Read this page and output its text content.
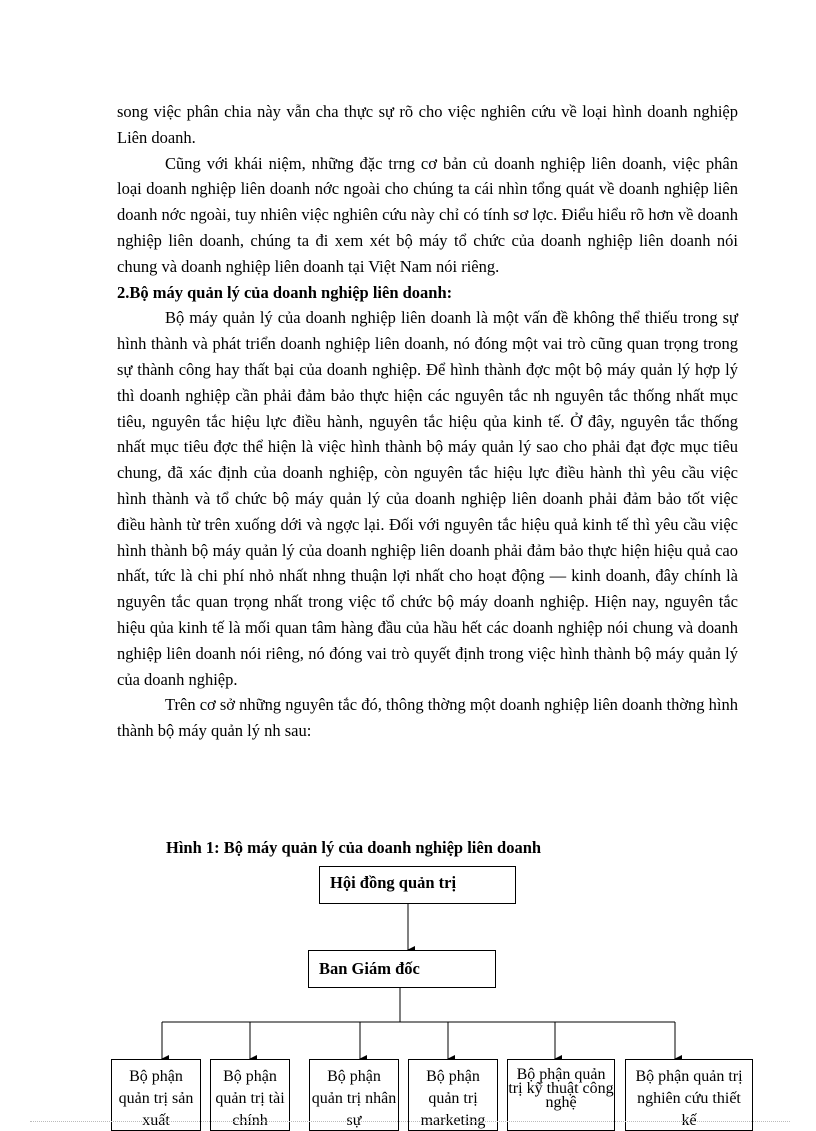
song việc phân chia này vẫn cha thực sự rõ cho việc nghiên cứu về loại hình doanh nghiệp Liên doanh.

Cũng với khái niệm, những đặc trng cơ bản củ doanh nghiệp liên doanh, việc phân loại doanh nghiệp liên doanh nớc ngoài cho chúng ta cái nhìn tổng quát về doanh nghiệp liên doanh nớc ngoài, tuy nhiên việc nghiên cứu này chỉ có tính sơ lợc. Điểu hiểu rõ hơn về doanh nghiệp liên doanh, chúng ta đi xem xét bộ máy tổ chức của doanh nghiệp liên doanh nói chung và doanh nghiệp liên doanh tại Việt Nam nói riêng.

2.Bộ máy quản lý của doanh nghiệp liên doanh:

Bộ máy quản lý của doanh nghiệp liên doanh là một vấn đề không thể thiếu trong sự hình thành và phát triển doanh nghiệp liên doanh, nó đóng một vai trò cũng quan trọng trong sự thành công hay thất bại của doanh nghiệp. Để hình thành đợc một bộ máy quản lý hợp lý thì doanh nghiệp cần phải đảm bảo thực hiện các nguyên tắc nh nguyên tắc thống nhất mục tiêu, nguyên tắc hiệu lực điều hành, nguyên tắc hiệu qủa kinh tế. Ở đây, nguyên tắc thống nhất mục tiêu đợc thể hiện là việc hình thành bộ máy quản lý sao cho phải đạt đợc mục tiêu chung, đã xác định của doanh nghiệp, còn nguyên tắc hiệu lực điều hành thì yêu cầu việc hình thành và tổ chức bộ máy quản lý của doanh nghiệp liên doanh phải đảm bảo tốt việc điều hành từ trên xuống dới và ngợc lại. Đối với nguyên tắc hiệu quả kinh tế thì yêu cầu việc hình thành bộ máy quản lý của doanh nghiệp liên doanh phải đảm bảo thực hiện hiệu quả cao nhất, tức là chi phí nhỏ nhất nhng thuận lợi nhất cho hoạt động — kinh doanh, đây chính là nguyên tắc quan trọng nhất trong việc tổ chức bộ máy doanh nghiệp. Hiện nay, nguyên tắc hiệu qủa kinh tế là mối quan tâm hàng đầu của hầu hết các doanh nghiệp nói chung và doanh nghiệp liên doanh nói riêng, nó đóng vai trò quyết định trong việc hình thành bộ máy quản lý của doanh nghiệp.

Trên cơ sở những nguyên tắc đó, thông thờng một doanh nghiệp liên doanh thờng hình thành bộ máy quản lý nh sau:

Hình 1: Bộ máy quản lý của doanh nghiệp liên doanh
Hội đồng quản trị
Ban Giám đốc
Bộ phận quản trị sản xuất
Bộ phận quản trị tài chính
Bộ phận quản trị nhân sự
Bộ phận quản trị marketing
Bộ phận quản trị kỹ thuật công nghệ
Bộ phận quản trị nghiên cứu thiết kế
